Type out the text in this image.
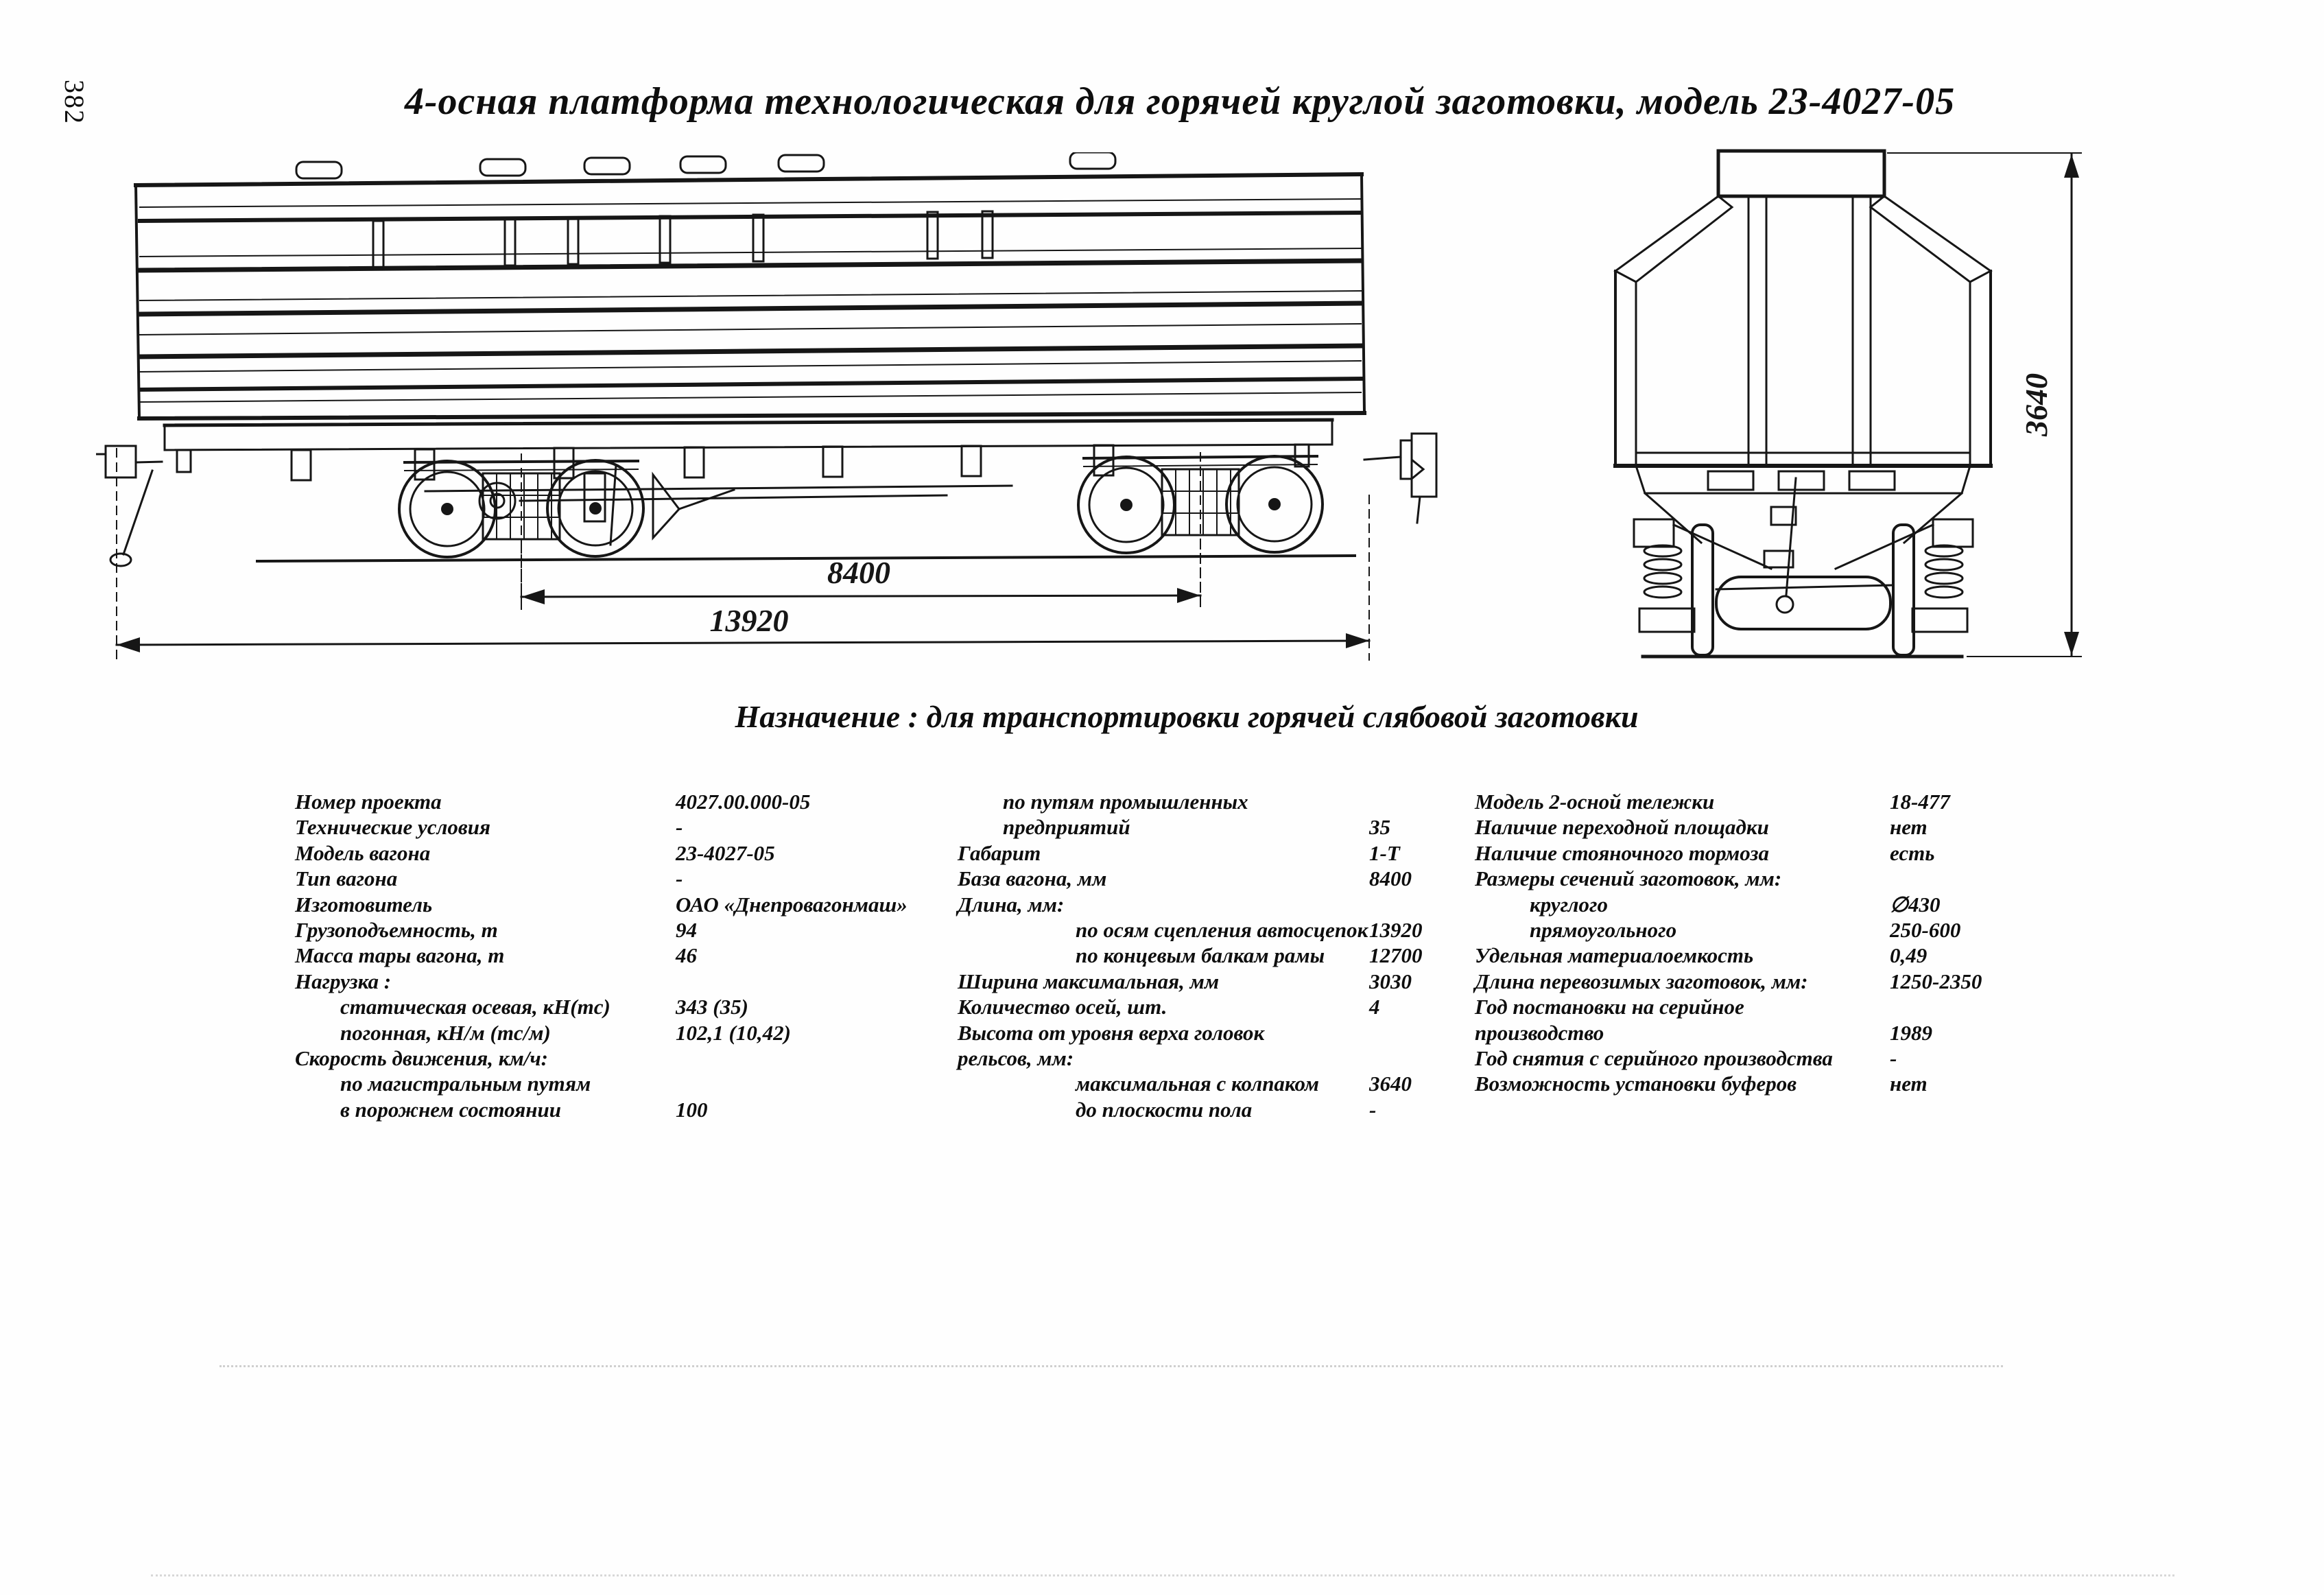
382	4-осная платформа технологическая для горячей круглой заготовки, модель 23-4027-05
8400
13920
3640
Назначение : для транспортировки горячей слябовой заготовки
Номер проекта	4027.00.000-05
Технические условия	-
Модель вагона	23-4027-05
Тип вагона	-
Изготовитель	ОАО «Днепровагонмаш»
Грузоподъемность, т	94
Масса тары вагона, т	46
Нагрузка :
статическая осевая, кН(тс)	343 (35)
погонная, кН/м (тс/м)	102,1 (10,42)
Скорость движения, км/ч:
по магистральным путям
в порожнем состоянии	100
по путям промышленных
предприятий	35
Габарит	1-Т
База вагона, мм	8400
Длина, мм:
по осям сцепления автосцепок 13920
по концевым балкам рамы	12700
Ширина максимальная, мм	3030
Количество осей, шт.	4
Высота от уровня верха головок
рельсов, мм:
максимальная с колпаком	3640
до плоскости пола	-
Модель 2-осной тележки	18-477
Наличие переходной площадки	нет
Наличие стояночного тормоза	есть
Размеры сечений заготовок, мм:
круглого	∅430
прямоугольного	250-600
Удельная материалоемкость	0,49
Длина перевозимых заготовок, мм:	1250-2350
Год постановки на серийное
производство	1989
Год снятия с серийного производства	-
Возможность установки буферов	нет
